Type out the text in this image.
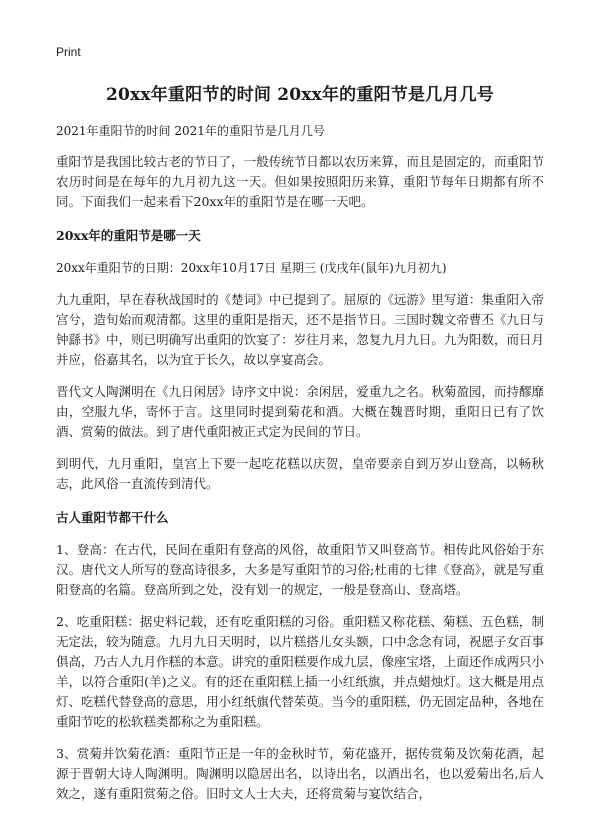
Print
20xx年重阳节的时间 20xx年的重阳节是几月几号
2021年重阳节的时间 2021年的重阳节是几月几号

重阳节是我国比较古老的节日了，一般传统节日都以农历来算，而且是固定的，而重阳节农历时间是在每年的九月初九这一天。但如果按照阳历来算，重阳节每年日期都有所不同。下面我们一起来看下20xx年的重阳节是在哪一天吧。

20xx年的重阳节是哪一天
20xx年重阳节的日期：20xx年10月17日 星期三 (戊戌年(鼠年)九月初九)

九九重阳，早在春秋战国时的《楚词》中已提到了。屈原的《远游》里写道：集重阳入帝宫兮，造旬始而观清都。这里的重阳是指天，还不是指节日。三国时魏文帝曹丕《九日与钟繇书》中，则已明确写出重阳的饮宴了：岁往月来，忽复九月九日。九为阳数，而日月并应，俗嘉其名，以为宜于长久，故以享宴高会。

晋代文人陶渊明在《九日闲居》诗序文中说：余闲居，爱重九之名。秋菊盈园，而持醪靡由，空服九华，寄怀于言。这里同时提到菊花和酒。大概在魏晋时期，重阳日已有了饮酒、赏菊的做法。到了唐代重阳被正式定为民间的节日。

到明代，九月重阳，皇宫上下要一起吃花糕以庆贺，皇帝要亲自到万岁山登高，以畅秋志，此风俗一直流传到清代。

古人重阳节都干什么

1、登高：在古代，民间在重阳有登高的风俗，故重阳节又叫登高节。相传此风俗始于东汉。唐代文人所写的登高诗很多，大多是写重阳节的习俗;杜甫的七律《登高》，就是写重阳登高的名篇。登高所到之处，没有划一的规定，一般是登高山、登高塔。

2、吃重阳糕：据史料记载，还有吃重阳糕的习俗。重阳糕又称花糕、菊糕、五色糕，制无定法，较为随意。九月九日天明时，以片糕搭儿女头额，口中念念有词，祝愿子女百事俱高，乃古人九月作糕的本意。讲究的重阳糕要作成九层，像座宝塔，上面还作成两只小羊，以符合重阳(羊)之义。有的还在重阳糕上插一小红纸旗，并点蜡烛灯。这大概是用点灯、吃糕代替登高的意思，用小红纸旗代替茱萸。当今的重阳糕，仍无固定品种，各地在重阳节吃的松软糕类都称之为重阳糕。

3、赏菊并饮菊花酒：重阳节正是一年的金秋时节，菊花盛开，据传赏菊及饮菊花酒，起源于晋朝大诗人陶渊明。陶渊明以隐居出名，以诗出名，以酒出名，也以爱菊出名,后人效之，遂有重阳赏菊之俗。旧时文人士大夫，还将赏菊与宴饮结合，
